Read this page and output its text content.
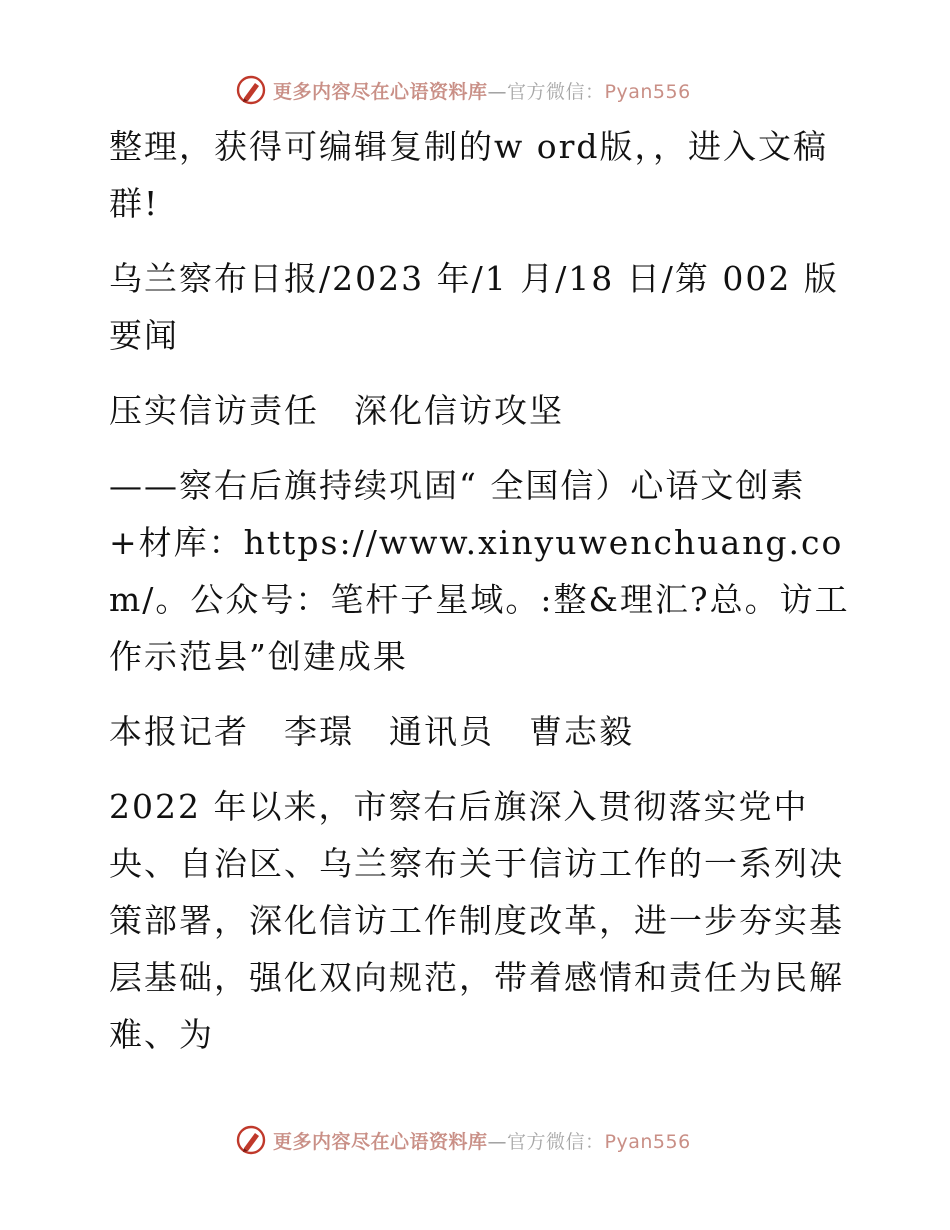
更多内容尽在心语资料库—官方微信：Pyan556

整理，获得可编辑复制的w ord版，，进入文稿群!

乌兰察布日报/2023 年/1 月/18 日/第 002 版要闻

压实信访责任　深化信访攻坚

——察右后旗持续巩固“ 全国信）心语文创素+材库：https://www.xinyuwenchuang.com/。公众号：笔杆子星域。:整&理汇?总。访工作示范县”创建成果

本报记者　李璟　通讯员　曹志毅

2022 年以来，市察右后旗深入贯彻落实党中央、自治区、乌兰察布关于信访工作的一系列决策部署，深化信访工作制度改革，进一步夯实基层基础，强化双向规范，带着感情和责任为民解难、为

更多内容尽在心语资料库—官方微信：Pyan556
